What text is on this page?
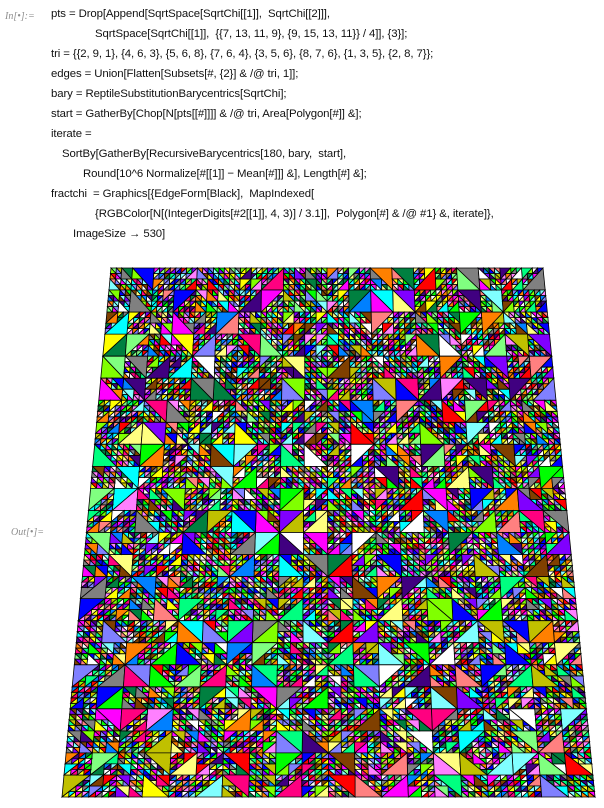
In[•]:= pts = Drop[Append[SqrtSpace[SqrtChi[[1]],  SqrtChi[[2]]],
SqrtSpace[SqrtChi[[1]],  {{7, 13, 11, 9}, {9, 15, 13, 11}} / 4]], {3}];
tri = {{2, 9, 1}, {4, 6, 3}, {5, 6, 8}, {7, 6, 4}, {3, 5, 6}, {8, 7, 6}, {1, 3, 5}, {2, 8, 7}};
edges = Union[Flatten[Subsets[#, {2}] & /@ tri, 1]];
bary = ReptileSubstitutionBarycentrics[SqrtChi];
start = GatherBy[Chop[N[pts[[#]]]] & /@ tri, Area[Polygon[#]] &];
iterate =
SortBy[GatherBy[RecursiveBarycentrics[180, bary,  start],
Round[10^6 Normalize[#[[1]] − Mean[#]]] &], Length[#] &];
fractchi  = Graphics[{EdgeForm[Black],  MapIndexed[
{RGBColor[N[(IntegerDigits[#2[[1]], 4, 3)] / 3.1]],  Polygon[#] & /@ #1} &, iterate]},
ImageSize → 530]
Out[•]=
